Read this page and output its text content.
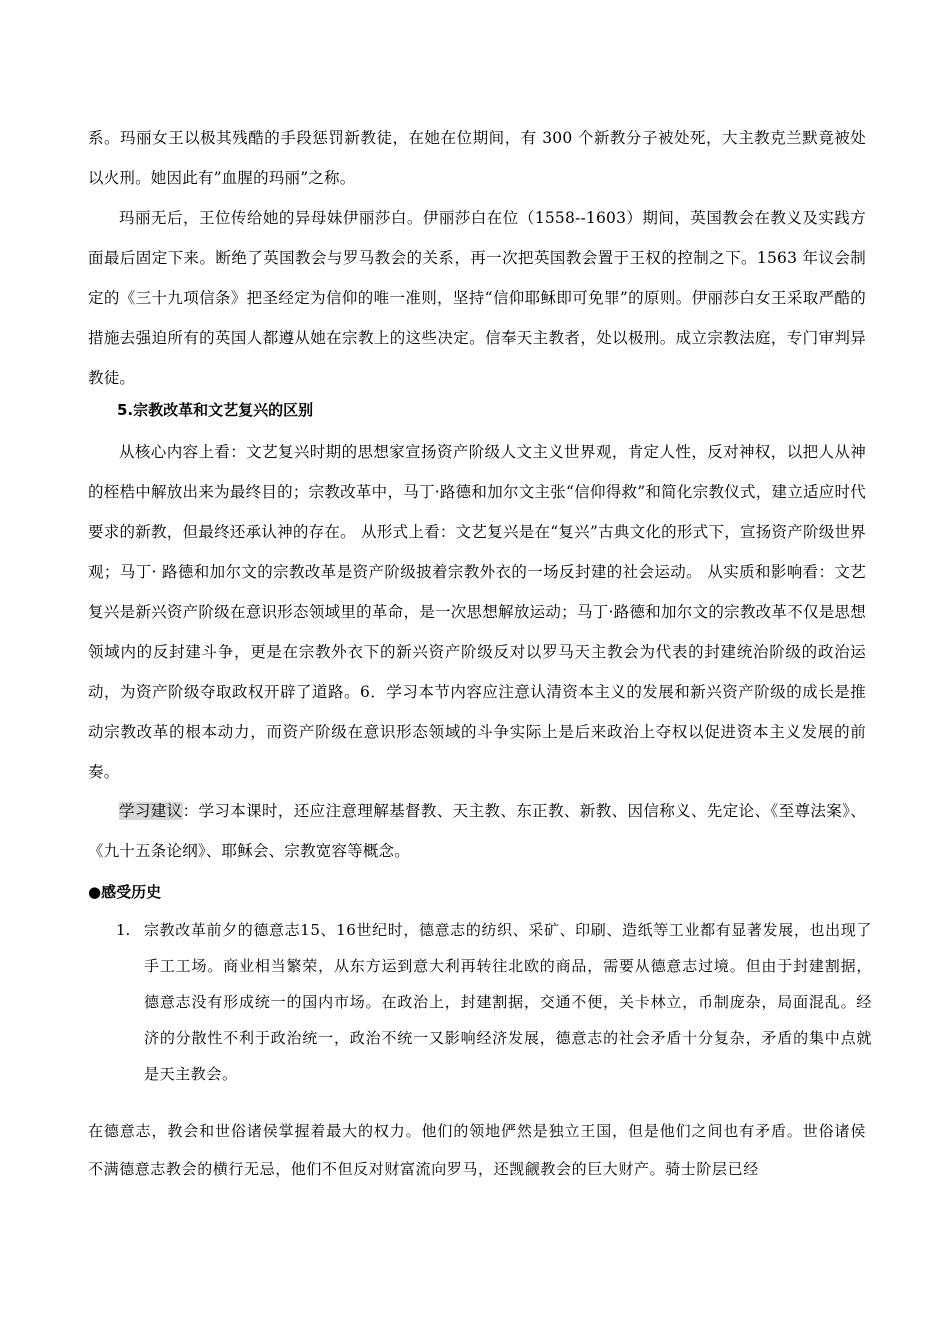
系。玛丽女王以极其残酷的手段惩罚新教徒，在她在位期间，有 300 个新教分子被处死，大主教克兰默竟被处以火刑。她因此有”血腥的玛丽”之称。

玛丽无后，王位传给她的异母妹伊丽莎白。伊丽莎白在位（1558--1603）期间，英国教会在教义及实践方面最后固定下来。断绝了英国教会与罗马教会的关系，再一次把英国教会置于王权的控制之下。1563 年议会制定的《三十九项信条》把圣经定为信仰的唯一准则，坚持“信仰耶稣即可免罪”的原则。伊丽莎白女王采取严酷的措施去强迫所有的英国人都遵从她在宗教上的这些决定。信奉天主教者，处以极刑。成立宗教法庭，专门审判异教徒。

5.宗教改革和文艺复兴的区别

从核心内容上看：文艺复兴时期的思想家宣扬资产阶级人文主义世界观，肯定人性，反对神权，以把人从神的桎梏中解放出来为最终目的；宗教改革中，马丁·路德和加尔文主张“信仰得救”和简化宗教仪式，建立适应时代要求的新教，但最终还承认神的存在。 从形式上看：文艺复兴是在“复兴”古典文化的形式下，宣扬资产阶级世界观；马丁· 路德和加尔文的宗教改革是资产阶级披着宗教外衣的一场反封建的社会运动。 从实质和影响看：文艺复兴是新兴资产阶级在意识形态领域里的革命，是一次思想解放运动；马丁·路德和加尔文的宗教改革不仅是思想领域内的反封建斗争，更是在宗教外衣下的新兴资产阶级反对以罗马天主教会为代表的封建统治阶级的政治运动，为资产阶级夺取政权开辟了道路。6．学习本节内容应注意认清资本主义的发展和新兴资产阶级的成长是推动宗教改革的根本动力，而资产阶级在意识形态领域的斗争实际上是后来政治上夺权以促进资本主义发展的前奏。

学习建议：学习本课时，还应注意理解基督教、天主教、东正教、新教、因信称义、先定论、《至尊法案》、《九十五条论纲》、耶稣会、宗教宽容等概念。

●感受历史

1. 宗教改革前夕的德意志15、16世纪时，德意志的纺织、采矿、印刷、造纸等工业都有显著发展，也出现了手工工场。商业相当繁荣，从东方运到意大利再转往北欧的商品，需要从德意志过境。但由于封建割据，德意志没有形成统一的国内市场。在政治上，封建割据，交通不便，关卡林立，币制庞杂，局面混乱。经济的分散性不利于政治统一，政治不统一又影响经济发展，德意志的社会矛盾十分复杂，矛盾的集中点就是天主教会。

在德意志，教会和世俗诸侯掌握着最大的权力。他们的领地俨然是独立王国，但是他们之间也有矛盾。世俗诸侯不满德意志教会的横行无忌，他们不但反对财富流向罗马，还觊觎教会的巨大财产。骑士阶层已经
